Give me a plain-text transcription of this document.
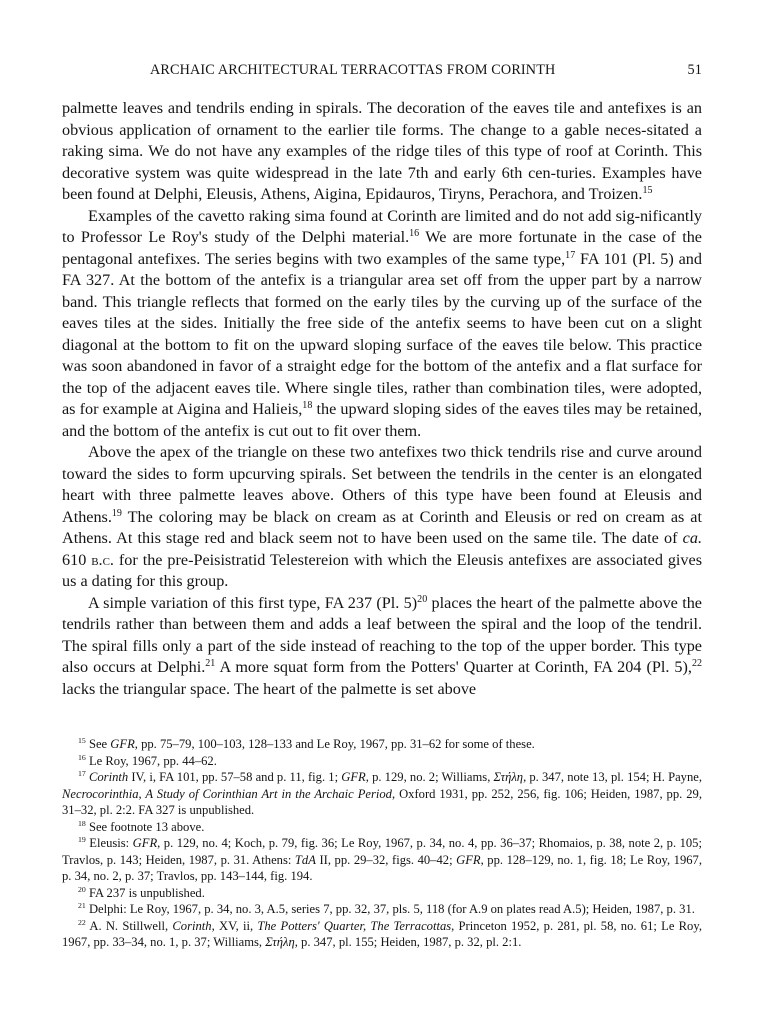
ARCHAIC ARCHITECTURAL TERRACOTTAS FROM CORINTH	51

palmette leaves and tendrils ending in spirals. The decoration of the eaves tile and antefixes is an obvious application of ornament to the earlier tile forms. The change to a gable neces-sitated a raking sima. We do not have any examples of the ridge tiles of this type of roof at Corinth. This decorative system was quite widespread in the late 7th and early 6th cen-turies. Examples have been found at Delphi, Eleusis, Athens, Aigina, Epidauros, Tiryns, Perachora, and Troizen.$^{15}$

Examples of the cavetto raking sima found at Corinth are limited and do not add sig-nificantly to Professor Le Roy's study of the Delphi material.$^{16}$ We are more fortunate in the case of the pentagonal antefixes. The series begins with two examples of the same type,$^{17}$ FA 101 (Pl. 5) and FA 327. At the bottom of the antefix is a triangular area set off from the upper part by a narrow band. This triangle reflects that formed on the early tiles by the curving up of the surface of the eaves tiles at the sides. Initially the free side of the antefix seems to have been cut on a slight diagonal at the bottom to fit on the upward sloping surface of the eaves tile below. This practice was soon abandoned in favor of a straight edge for the bottom of the antefix and a flat surface for the top of the adjacent eaves tile. Where single tiles, rather than combination tiles, were adopted, as for example at Aigina and Halieis,$^{18}$ the upward sloping sides of the eaves tiles may be retained, and the bottom of the antefix is cut out to fit over them.

Above the apex of the triangle on these two antefixes two thick tendrils rise and curve around toward the sides to form upcurving spirals. Set between the tendrils in the center is an elongated heart with three palmette leaves above. Others of this type have been found at Eleusis and Athens.$^{19}$ The coloring may be black on cream as at Corinth and Eleusis or red on cream as at Athens. At this stage red and black seem not to have been used on the same tile. The date of ca. 610 b.c. for the pre-Peisistratid Telestereion with which the Eleusis antefixes are associated gives us a dating for this group.

A simple variation of this first type, FA 237 (Pl. 5)$^{20}$ places the heart of the palmette above the tendrils rather than between them and adds a leaf between the spiral and the loop of the tendril. The spiral fills only a part of the side instead of reaching to the top of the upper border. This type also occurs at Delphi.$^{21}$ A more squat form from the Potters' Quarter at Corinth, FA 204 (Pl. 5),$^{22}$ lacks the triangular space. The heart of the palmette is set above

$^{15}$ See GFR, pp. 75–79, 100–103, 128–133 and Le Roy, 1967, pp. 31–62 for some of these.

$^{16}$ Le Roy, 1967, pp. 44–62.

$^{17}$ Corinth IV, i, FA 101, pp. 57–58 and p. 11, fig. 1; GFR, p. 129, no. 2; Williams, Στήλη, p. 347, note 13, pl. 154; H. Payne, Necrocorinthia, A Study of Corinthian Art in the Archaic Period, Oxford 1931, pp. 252, 256, fig. 106; Heiden, 1987, pp. 29, 31–32, pl. 2:2. FA 327 is unpublished.

$^{18}$ See footnote 13 above.

$^{19}$ Eleusis: GFR, p. 129, no. 4; Koch, p. 79, fig. 36; Le Roy, 1967, p. 34, no. 4, pp. 36–37; Rhomaios, p. 38, note 2, p. 105; Travlos, p. 143; Heiden, 1987, p. 31. Athens: TdA II, pp. 29–32, figs. 40–42; GFR, pp. 128–129, no. 1, fig. 18; Le Roy, 1967, p. 34, no. 2, p. 37; Travlos, pp. 143–144, fig. 194.

$^{20}$ FA 237 is unpublished.

$^{21}$ Delphi: Le Roy, 1967, p. 34, no. 3, A.5, series 7, pp. 32, 37, pls. 5, 118 (for A.9 on plates read A.5); Heiden, 1987, p. 31.

$^{22}$ A. N. Stillwell, Corinth, XV, ii, The Potters' Quarter, The Terracottas, Princeton 1952, p. 281, pl. 58, no. 61; Le Roy, 1967, pp. 33–34, no. 1, p. 37; Williams, Στήλη, p. 347, pl. 155; Heiden, 1987, p. 32, pl. 2:1.
